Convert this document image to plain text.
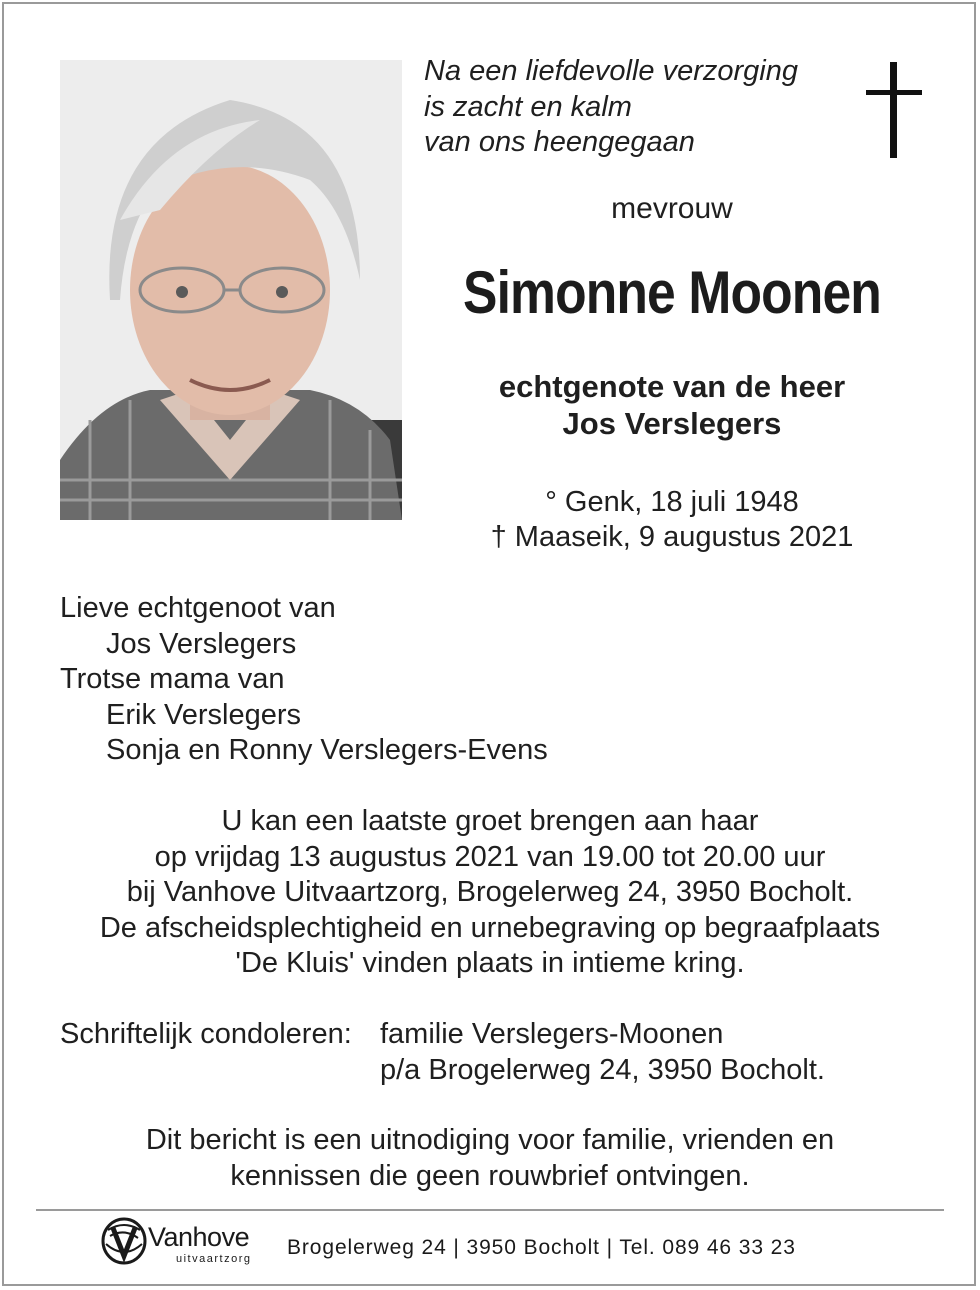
Na een liefdevolle verzorging
is zacht en kalm
van ons heengegaan
mevrouw
Simonne Moonen
echtgenote van de heer
Jos Verslegers
° Genk, 18 juli 1948
† Maaseik, 9 augustus 2021
Lieve echtgenoot van
Jos Verslegers
Trotse mama van
Erik Verslegers
Sonja en Ronny Verslegers-Evens
U kan een laatste groet brengen aan haar
op vrijdag 13 augustus 2021 van 19.00 tot 20.00 uur
bij Vanhove Uitvaartzorg, Brogelerweg 24, 3950 Bocholt.
De afscheidsplechtigheid en urnebegraving op begraafplaats
'De Kluis' vinden plaats in intieme kring.
Schriftelijk condoleren: familie Verslegers-Moonen
p/a Brogelerweg 24, 3950 Bocholt.
Dit bericht is een uitnodiging voor familie, vrienden en
kennissen die geen rouwbrief ontvingen.
Vanhove
uitvaartzorg Brogelerweg 24 | 3950 Bocholt | Tel. 089 46 33 23
